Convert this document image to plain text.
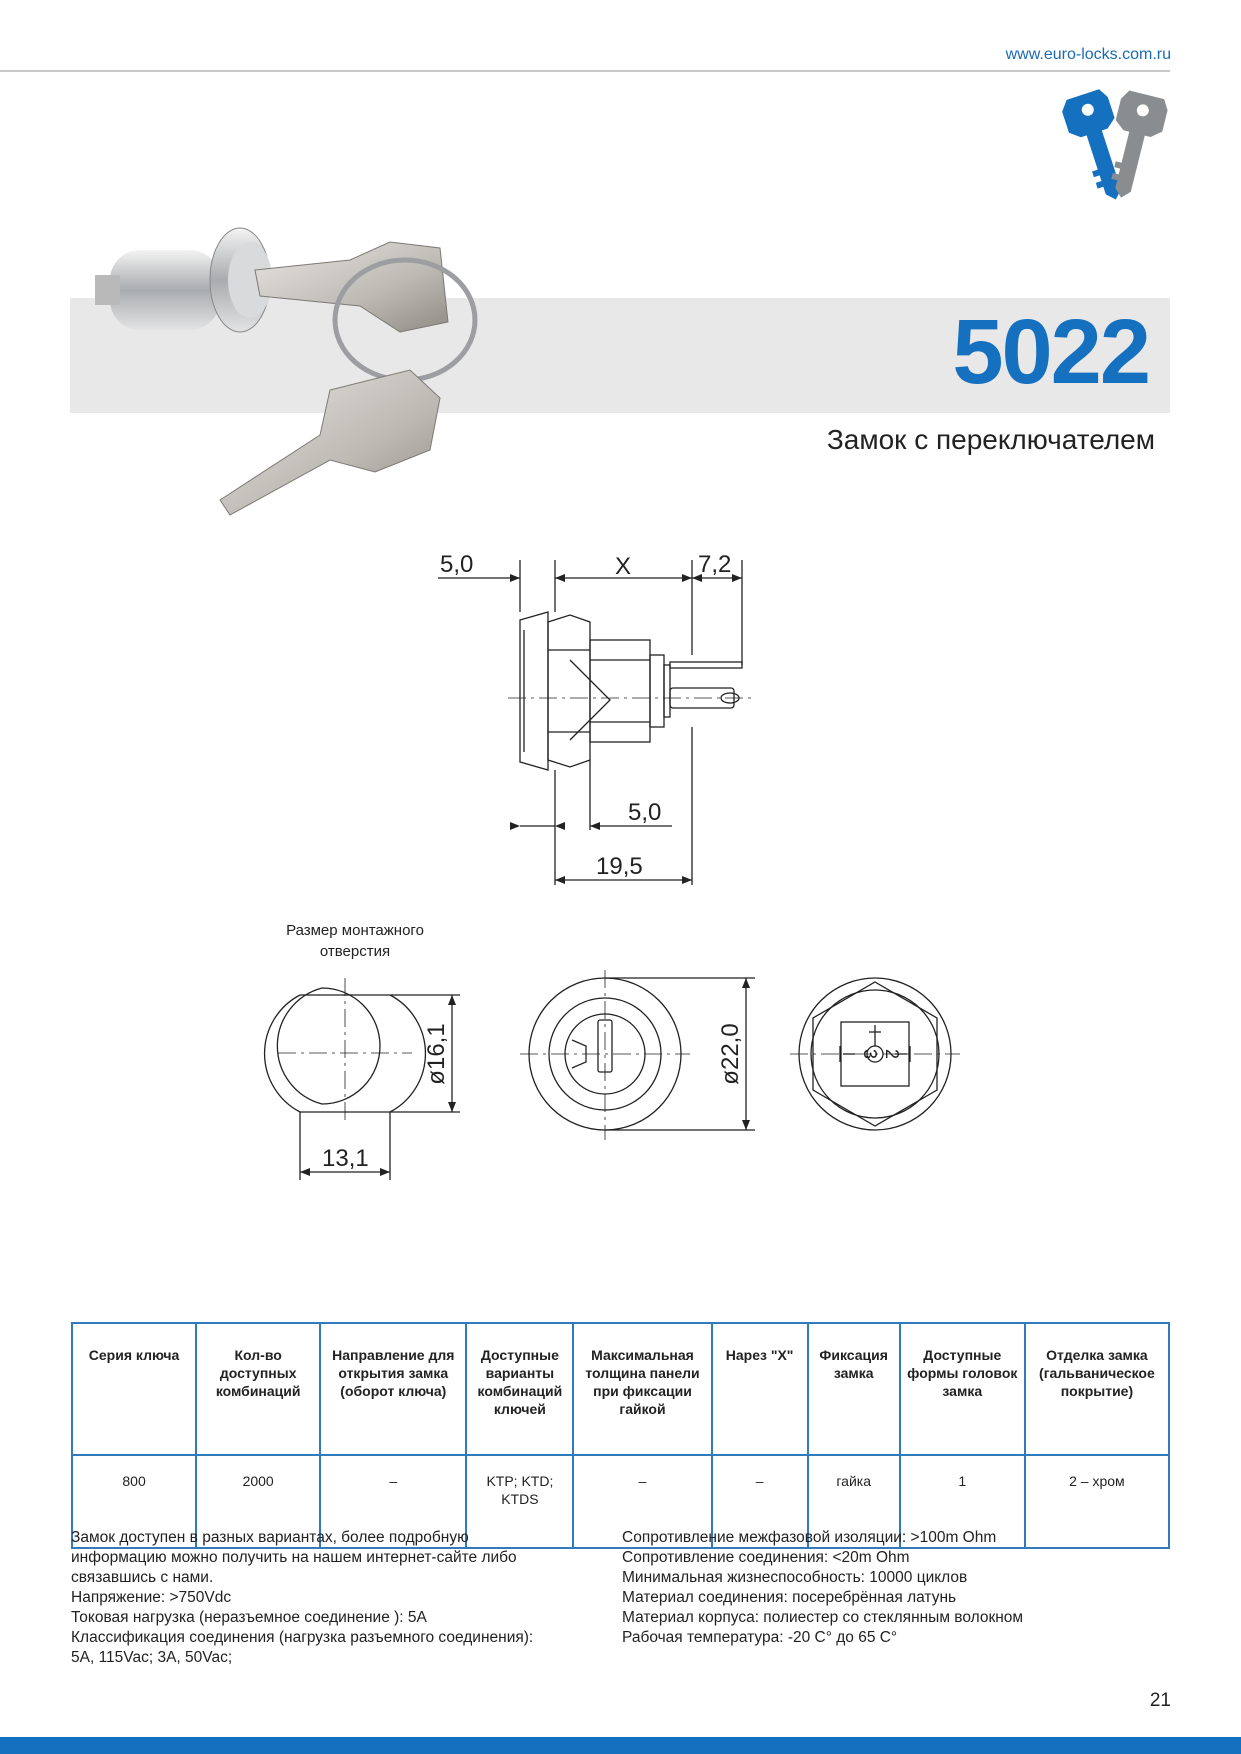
www.euro-locks.com.ru
5022
Замок с переключателем
5,0	X	7,2
5,0
19,5
13,1
ø16,1	ø22,0	3 2
Размер монтажного
отверстия
Серия ключа	Кол-во доступных комбинаций	Направление для открытия замка (оборот ключа)	Доступные варианты комбинаций ключей	Максимальная толщина панели при фиксации гайкой	Нарез "X"	Фиксация замка	Доступные формы головок замка	Отделка замка (гальваническое покрытие)
800	2000	–	KTP; KTD; KTDS	–	–	гайка	1	2 – хром
Замок доступен в разных вариантах, более подробную
информацию можно получить на нашем интернет-сайте либо
связавшись с нами.
Напряжение: >750Vdc
Токовая нагрузка (неразъемное соединение ): 5А
Классификация соединения (нагрузка разъемного соединения):
5А, 115Vac; 3А, 50Vac;
Сопротивление межфазовой изоляции: >100m Ohm
Сопротивление соединения: <20m Ohm
Минимальная жизнеспособность: 10000 циклов
Материал соединения: посеребрённая латунь
Материал корпуса: полиестер со стеклянным волокном
Рабочая температура: -20 С° до 65 С°
21
